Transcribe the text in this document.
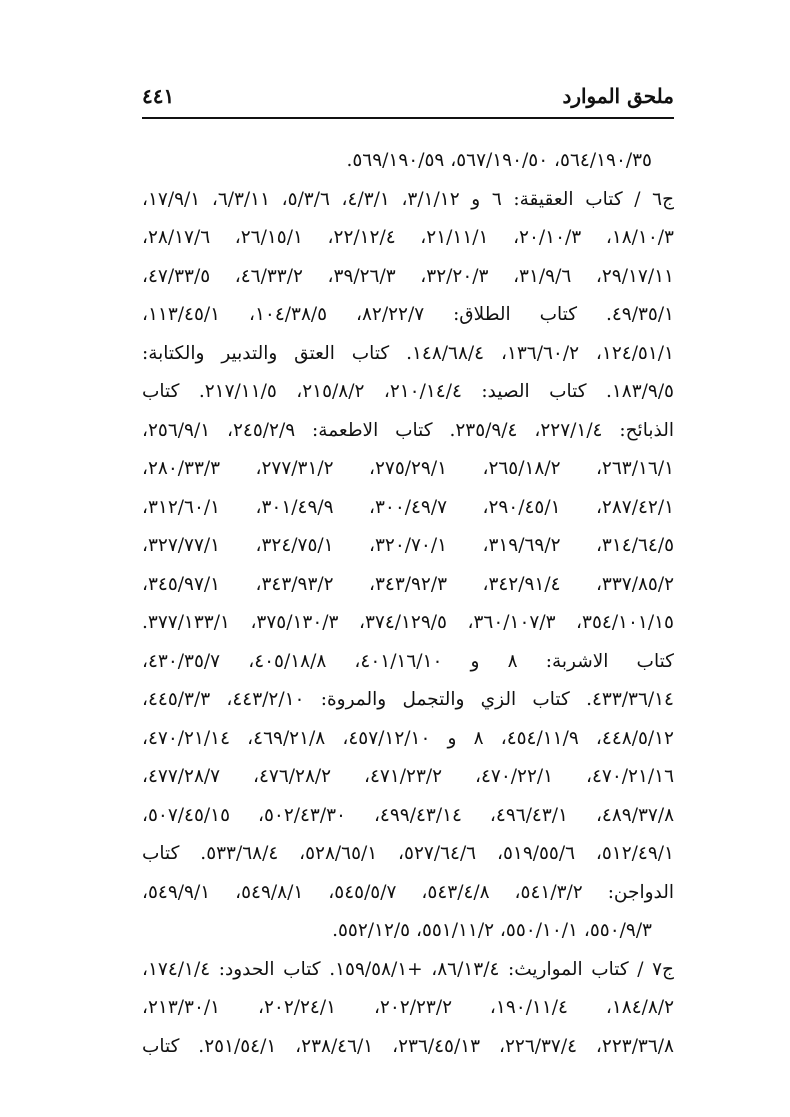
ملحق الموارد
٤٤١
٥٦٤/١٩٠/٣٥، ٥٦٧/١٩٠/٥٠، ٥٦٩/١٩٠/٥٩.
ج٦ / كتاب العقيقة: ٦ و ٣/١/١٢، ٤/٣/١، ٥/٣/٦، ٦/٣/١١، ١٧/٩/١،
١٨/١٠/٣، ٢٠/١٠/٣، ٢١/١١/١، ٢٢/١٢/٤، ٢٦/١٥/١، ٢٨/١٧/٦،
٢٩/١٧/١١، ٣١/٩/٦، ٣٢/٢٠/٣، ٣٩/٢٦/٣، ٤٦/٣٣/٢، ٤٧/٣٣/٥،
٤٩/٣٥/١. كتاب الطلاق: ٨٢/٢٢/٧، ١٠٤/٣٨/٥، ١١٣/٤٥/١،
١٢٤/٥١/١، ١٣٦/٦٠/٢، ١٤٨/٦٨/٤. كتاب العتق والتدبير والكتابة:
١٨٣/٩/٥. كتاب الصيد: ٢١٠/١٤/٤، ٢١٥/٨/٢، ٢١٧/١١/٥. كتاب
الذبائح: ٢٢٧/١/٤، ٢٣٥/٩/٤. كتاب الاطعمة: ٢٤٥/٢/٩، ٢٥٦/٩/١،
٢٦٣/١٦/١، ٢٦٥/١٨/٢، ٢٧٥/٢٩/١، ٢٧٧/٣١/٢، ٢٨٠/٣٣/٣،
٢٨٧/٤٢/١، ٢٩٠/٤٥/١، ٣٠٠/٤٩/٧، ٣٠١/٤٩/٩، ٣١٢/٦٠/١،
٣١٤/٦٤/٥، ٣١٩/٦٩/٢، ٣٢٠/٧٠/١، ٣٢٤/٧٥/١، ٣٢٧/٧٧/١،
٣٣٧/٨٥/٢، ٣٤٢/٩١/٤، ٣٤٣/٩٢/٣، ٣٤٣/٩٣/٢، ٣٤٥/٩٧/١،
٣٥٤/١٠١/١٥، ٣٦٠/١٠٧/٣، ٣٧٤/١٢٩/٥، ٣٧٥/١٣٠/٣، ٣٧٧/١٣٣/١.
كتاب الاشربة: ٨ و ٤٠١/١٦/١٠، ٤٠٥/١٨/٨، ٤٣٠/٣٥/٧،
٤٣٣/٣٦/١٤. كتاب الزي والتجمل والمروة: ٤٤٣/٢/١٠، ٤٤٥/٣/٣،
٤٤٨/٥/١٢، ٤٥٤/١١/٩، ٨ و ٤٥٧/١٢/١٠، ٤٦٩/٢١/٨، ٤٧٠/٢١/١٤،
٤٧٠/٢١/١٦، ٤٧٠/٢٢/١، ٤٧١/٢٣/٢، ٤٧٦/٢٨/٢، ٤٧٧/٢٨/٧،
٤٨٩/٣٧/٨، ٤٩٦/٤٣/١، ٤٩٩/٤٣/١٤، ٥٠٢/٤٣/٣٠، ٥٠٧/٤٥/١٥،
٥١٢/٤٩/١، ٥١٩/٥٥/٦، ٥٢٧/٦٤/٦، ٥٢٨/٦٥/١، ٥٣٣/٦٨/٤. كتاب
الدواجن: ٥٤١/٣/٢، ٥٤٣/٤/٨، ٥٤٥/٥/٧، ٥٤٩/٨/١، ٥٤٩/٩/١،
٥٥٠/٩/٣، ٥٥٠/١٠/١، ٥٥١/١١/٢، ٥٥٢/١٢/٥.
ج٧ / كتاب المواريث: ٨٦/١٣/٤، +١٥٩/٥٨/١. كتاب الحدود: ١٧٤/١/٤،
١٨٤/٨/٢، ١٩٠/١١/٤، ٢٠٢/٢٣/٢، ٢٠٢/٢٤/١، ٢١٣/٣٠/١،
٢٢٣/٣٦/٨، ٢٢٦/٣٧/٤، ٢٣٦/٤٥/١٣، ٢٣٨/٤٦/١، ٢٥١/٥٤/١. كتاب
